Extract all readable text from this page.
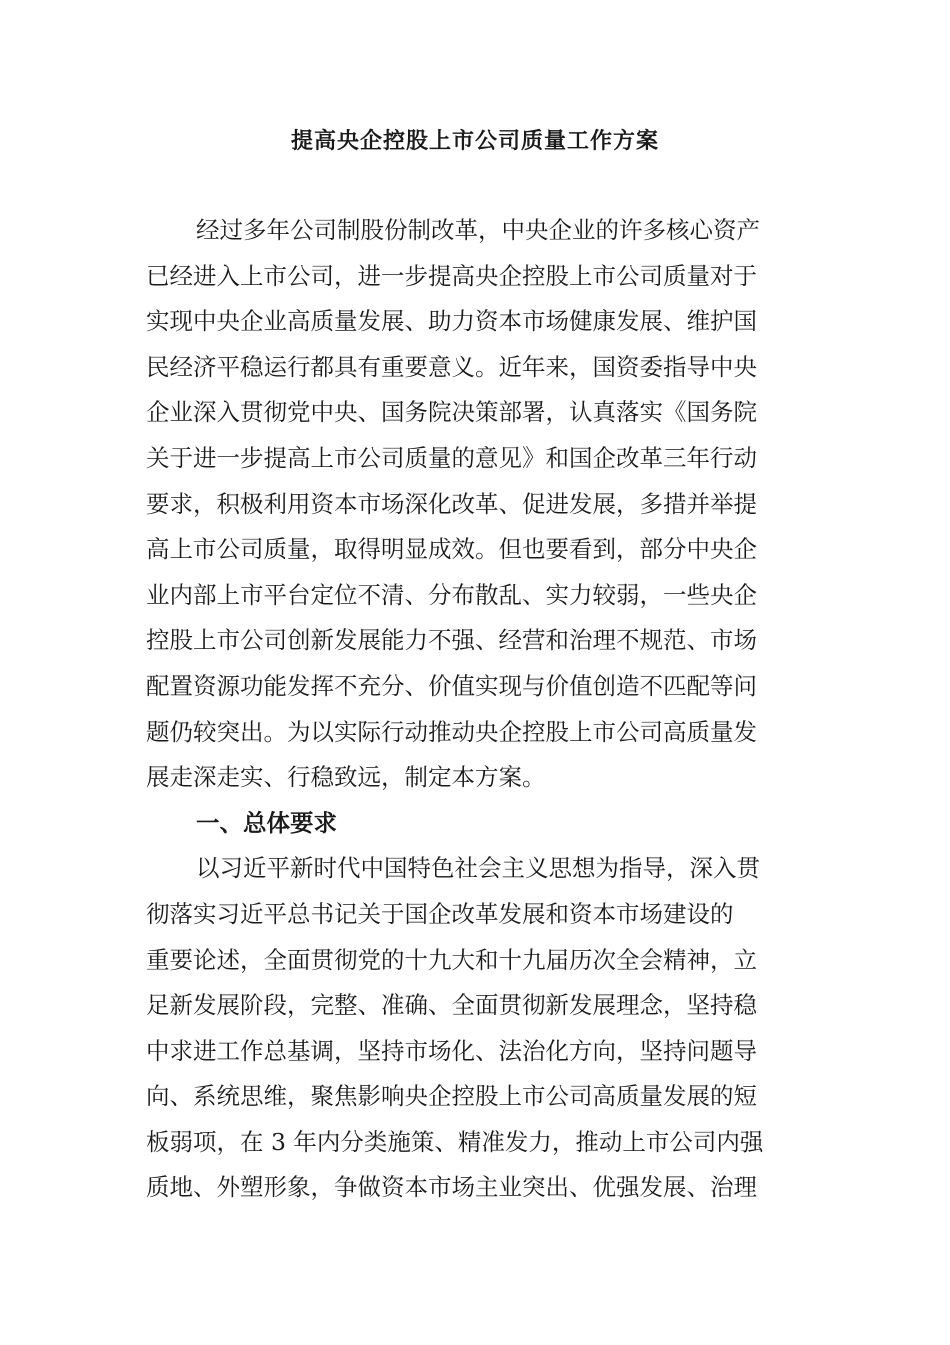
提高央企控股上市公司质量工作方案
经过多年公司制股份制改革，中央企业的许多核心资产
已经进入上市公司，进一步提高央企控股上市公司质量对于
实现中央企业高质量发展、助力资本市场健康发展、维护国
民经济平稳运行都具有重要意义。近年来，国资委指导中央
企业深入贯彻党中央、国务院决策部署，认真落实《国务院
关于进一步提高上市公司质量的意见》和国企改革三年行动
要求，积极利用资本市场深化改革、促进发展，多措并举提
高上市公司质量，取得明显成效。但也要看到，部分中央企
业内部上市平台定位不清、分布散乱、实力较弱，一些央企
控股上市公司创新发展能力不强、经营和治理不规范、市场
配置资源功能发挥不充分、价值实现与价值创造不匹配等问
题仍较突出。为以实际行动推动央企控股上市公司高质量发
展走深走实、行稳致远，制定本方案。
一、总体要求
以习近平新时代中国特色社会主义思想为指导，深入贯
彻落实习近平总书记关于国企改革发展和资本市场建设的
重要论述，全面贯彻党的十九大和十九届历次全会精神，立
足新发展阶段，完整、准确、全面贯彻新发展理念，坚持稳
中求进工作总基调，坚持市场化、法治化方向，坚持问题导
向、系统思维，聚焦影响央企控股上市公司高质量发展的短
板弱项，在 3 年内分类施策、精准发力，推动上市公司内强
质地、外塑形象，争做资本市场主业突出、优强发展、治理
